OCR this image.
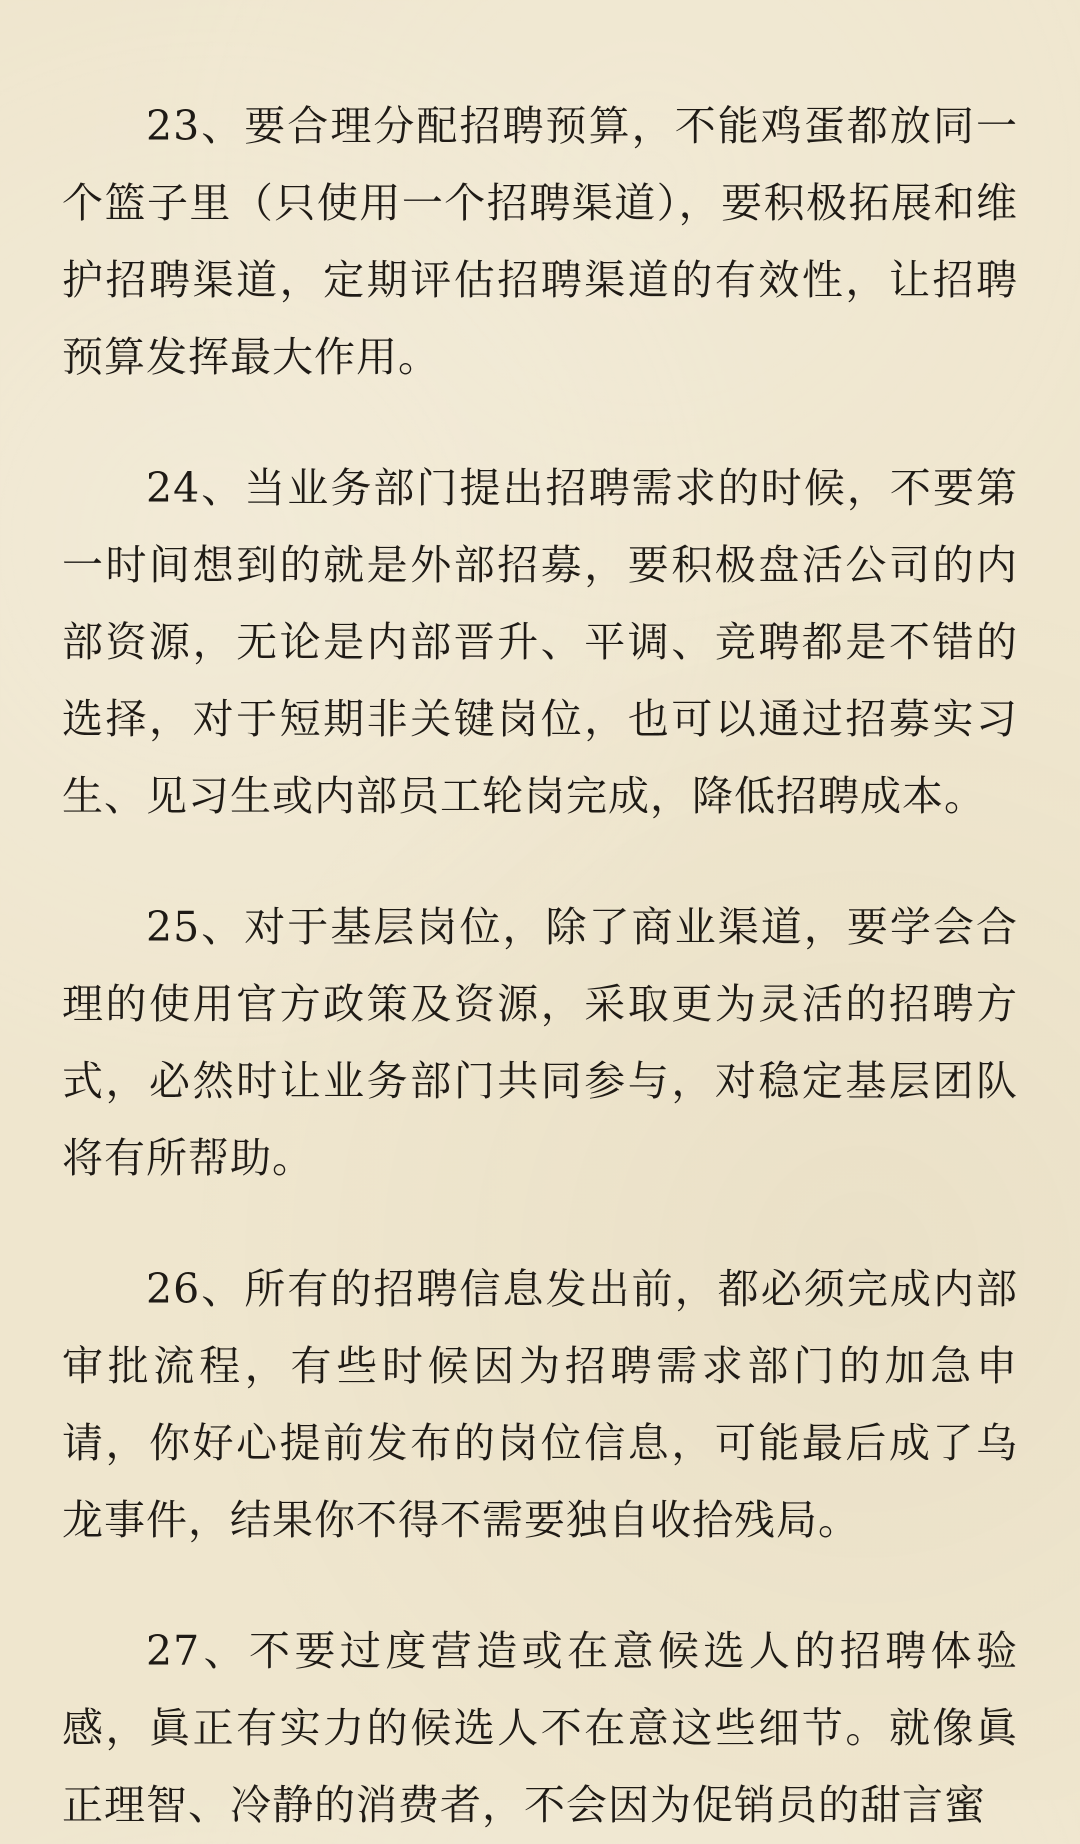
23、要合理分配招聘预算，不能鸡蛋都放同一个篮子里（只使用一个招聘渠道），要积极拓展和维护招聘渠道，定期评估招聘渠道的有效性，让招聘预算发挥最大作用。

24、当业务部门提出招聘需求的时候，不要第一时间想到的就是外部招募，要积极盘活公司的内部资源，无论是内部晋升、平调、竞聘都是不错的选择，对于短期非关键岗位，也可以通过招募实习生、见习生或内部员工轮岗完成，降低招聘成本。

25、对于基层岗位，除了商业渠道，要学会合理的使用官方政策及资源，采取更为灵活的招聘方式，必然时让业务部门共同参与，对稳定基层团队将有所帮助。

26、所有的招聘信息发出前，都必须完成内部审批流程，有些时候因为招聘需求部门的加急申请，你好心提前发布的岗位信息，可能最后成了乌龙事件，结果你不得不需要独自收拾残局。

27、不要过度营造或在意候选人的招聘体验感，眞正有实力的候选人不在意这些细节。就像眞正理智、冷静的消费者，不会因为促销员的甜言蜜
